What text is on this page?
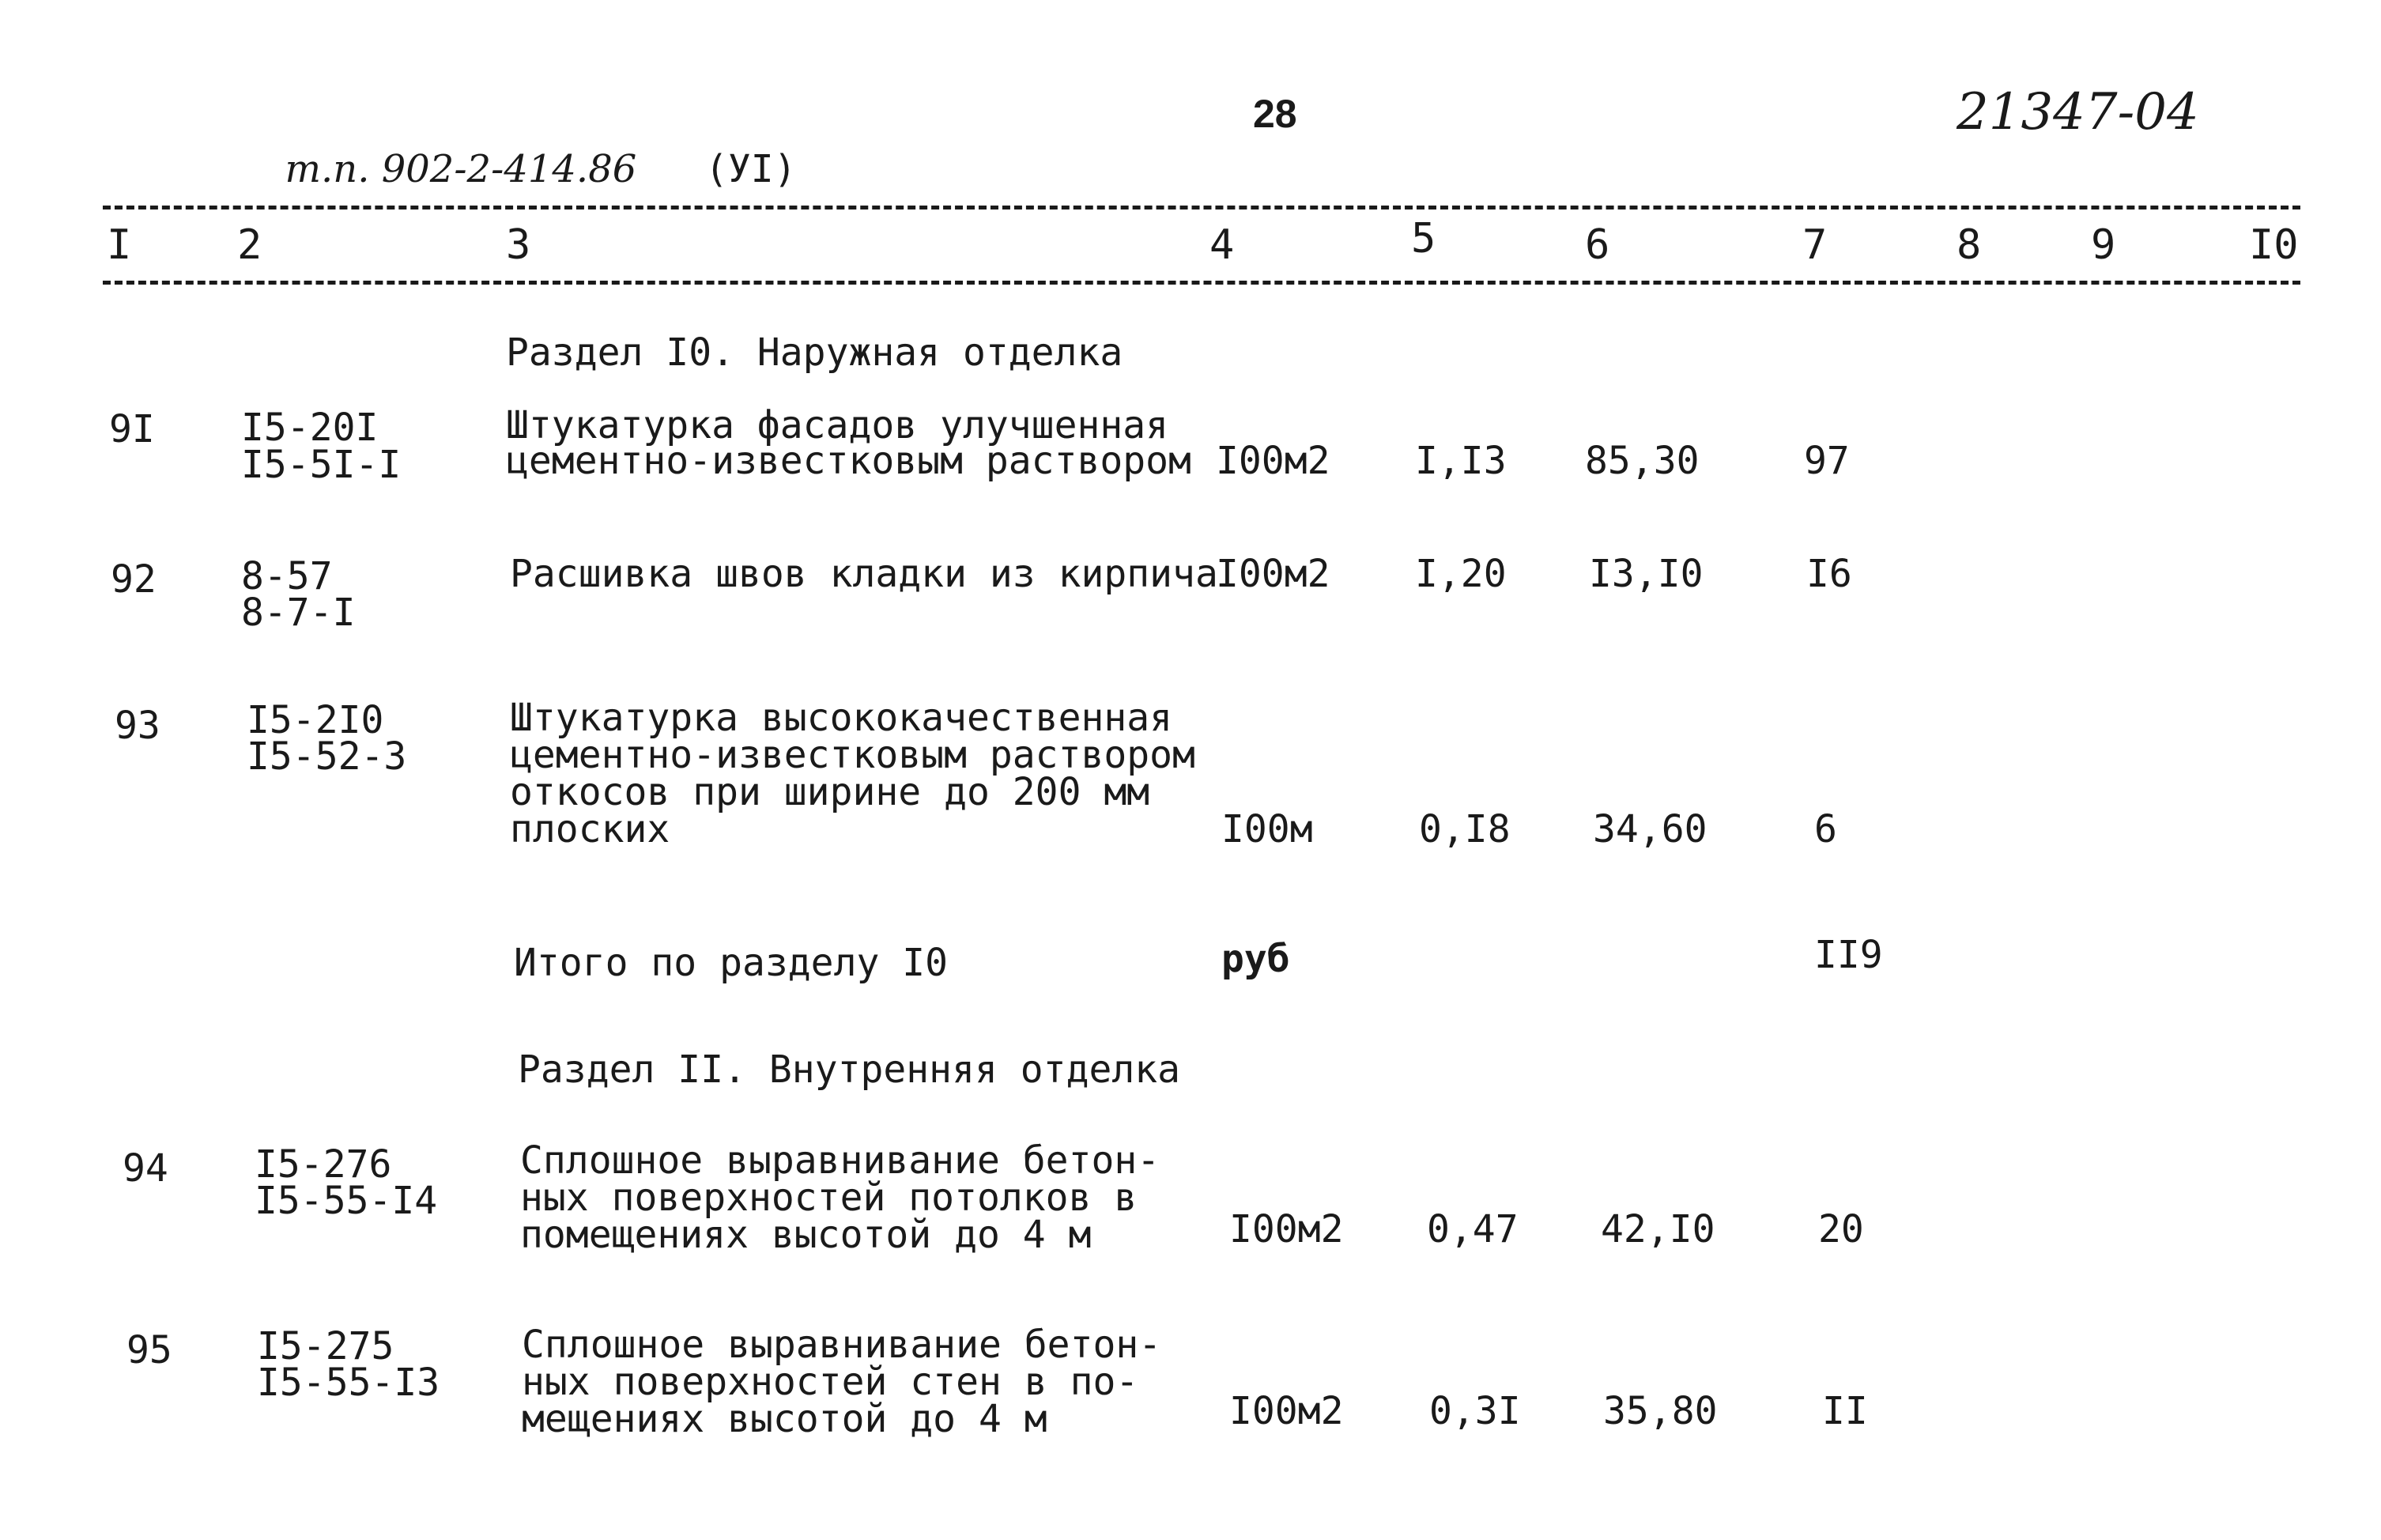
т.п. 902-2-414.86 (УI)

28	21347-04
I	2	3	4	5	6	7	8	9	I0
Раздел I0. Наружная отделка
9I I5-20I
I5-5I-I
Штукатурка фасадов улучшенная
цементно-известковым раствором I00м2 I,I3 85,30	97
92 8-57
8-7-I
Расшивка швов кладки из кирпича
I00м2 I,20 I3,I0	I6
93 I5-2I0
I5-52-3
Штукатурка высококачественная
цементно-известковым раствором
откосов при ширине до 200 мм
плоских	I00м	0,I8 34,60	6
Итого по разделу I0	руб	II9
Раздел II. Внутренняя отделка
94 I5-276
I5-55-I4
Сплошное выравнивание бетон-
ных поверхностей потолков в
помещениях высотой до 4 м	I00м2 0,47 42,I0	20
95 I5-275
I5-55-I3
Сплошное выравнивание бетон-
ных поверхностей стен в по-
мещениях высотой до 4 м	I00м2 0,3I 35,80	II
